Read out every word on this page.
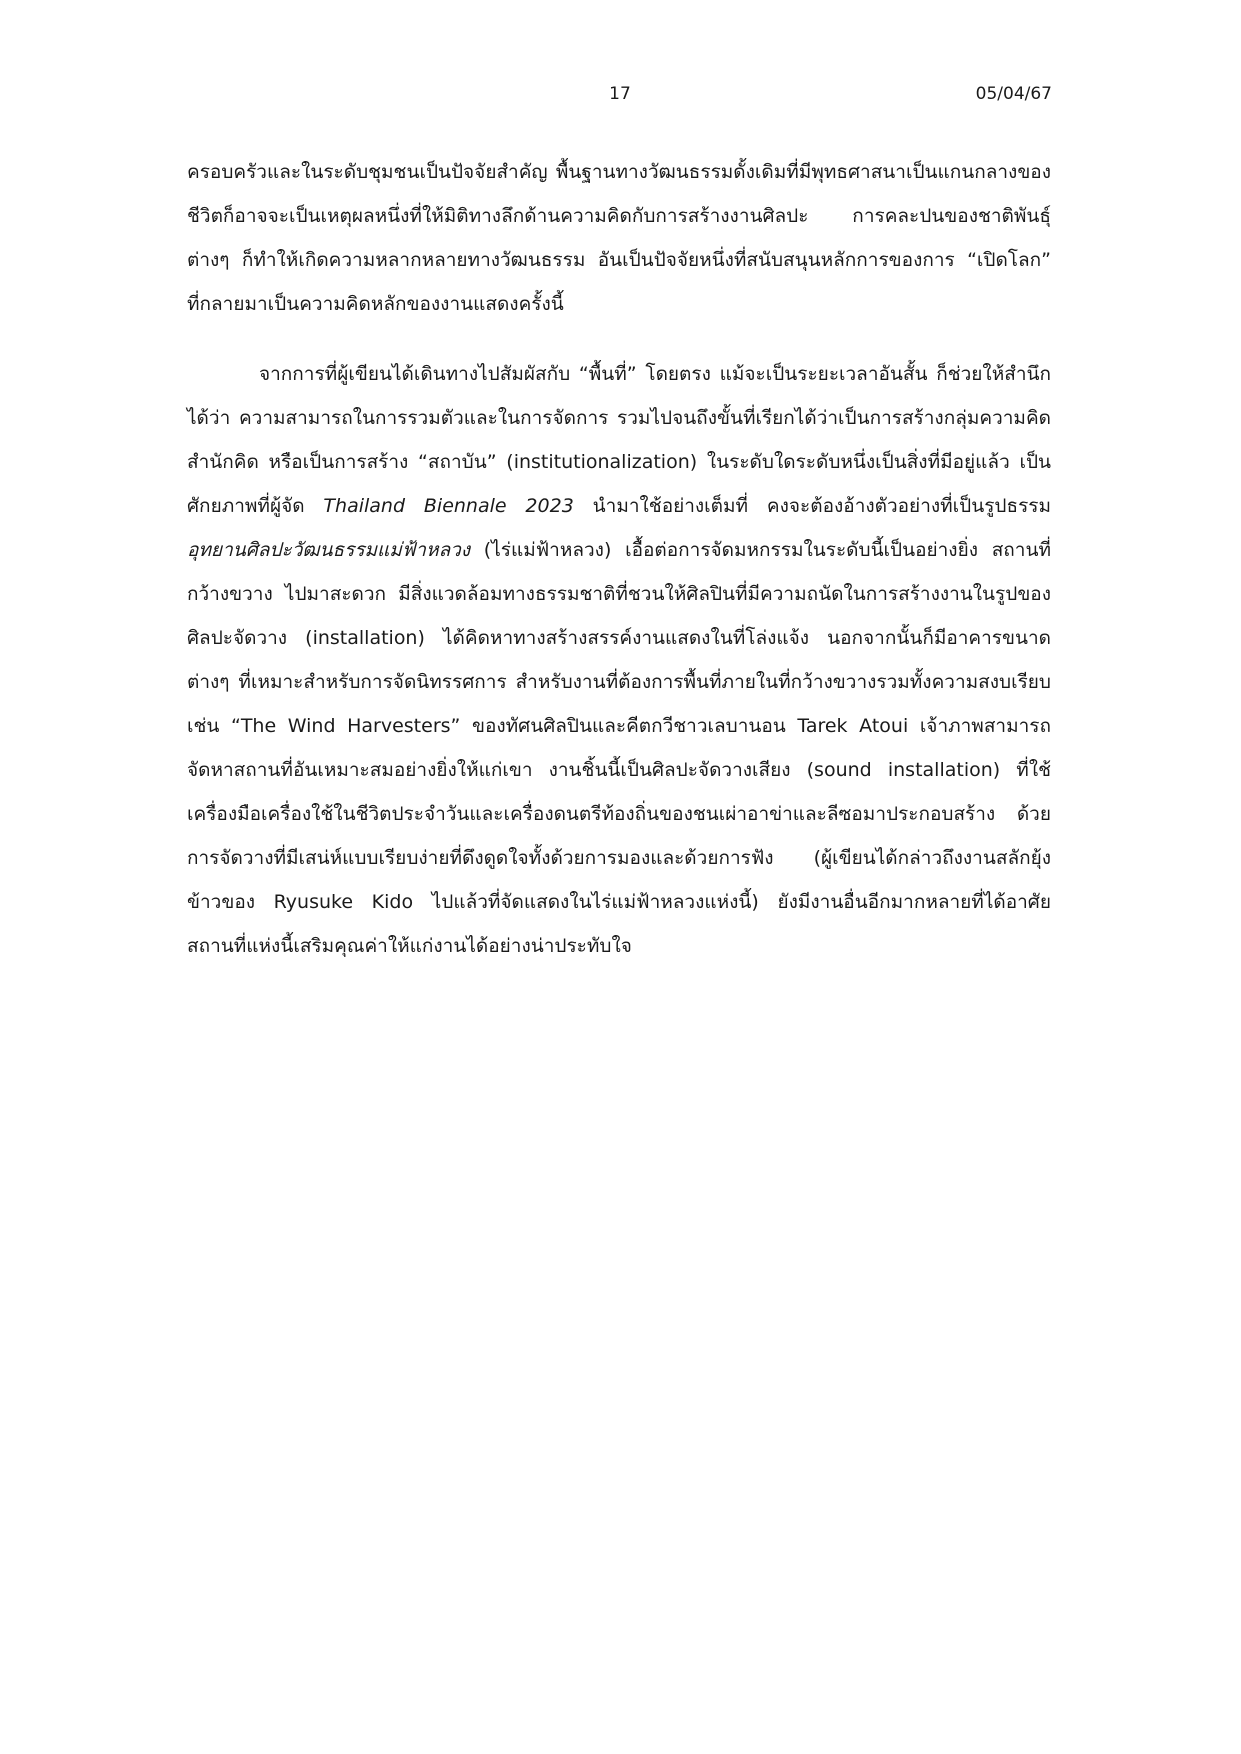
17	05/04/67

ครอบครัวและในระดับชุมชนเป็นปัจจัยสำคัญ พื้นฐานทางวัฒนธรรมดั้งเดิมที่มีพุทธศาสนาเป็นแกนกลางของชีวิตก็อาจจะเป็นเหตุผลหนึ่งที่ให้มิติทางลึกด้านความคิดกับการสร้างงานศิลปะ การคละปนของชาติพันธุ์ต่างๆ ก็ทำให้เกิดความหลากหลายทางวัฒนธรรม อันเป็นปัจจัยหนึ่งที่สนับสนุนหลักการของการ “เปิดโลก” ที่กลายมาเป็นความคิดหลักของงานแสดงครั้งนี้

จากการที่ผู้เขียนได้เดินทางไปสัมผัสกับ “พื้นที่” โดยตรง แม้จะเป็นระยะเวลาอันสั้น ก็ช่วยให้สำนึกได้ว่า ความสามารถในการรวมตัวและในการจัดการ รวมไปจนถึงขั้นที่เรียกได้ว่าเป็นการสร้างกลุ่มความคิด สำนักคิด หรือเป็นการสร้าง “สถาบัน” (institutionalization) ในระดับใดระดับหนึ่งเป็นสิ่งที่มีอยู่แล้ว เป็นศักยภาพที่ผู้จัด Thailand Biennale 2023 นำมาใช้อย่างเต็มที่ คงจะต้องอ้างตัวอย่างที่เป็นรูปธรรม อุทยานศิลปะวัฒนธรรมแม่ฟ้าหลวง (ไร่แม่ฟ้าหลวง) เอื้อต่อการจัดมหกรรมในระดับนี้เป็นอย่างยิ่ง สถานที่กว้างขวาง ไปมาสะดวก มีสิ่งแวดล้อมทางธรรมชาติที่ชวนให้ศิลปินที่มีความถนัดในการสร้างงานในรูปของศิลปะจัดวาง (installation) ได้คิดหาทางสร้างสรรค์งานแสดงในที่โล่งแจ้ง นอกจากนั้นก็มีอาคารขนาดต่างๆ ที่เหมาะสำหรับการจัดนิทรรศการ สำหรับงานที่ต้องการพื้นที่ภายในที่กว้างขวางรวมทั้งความสงบเรียบ เช่น “The Wind Harvesters” ของทัศนศิลปินและคีตกวีชาวเลบานอน Tarek Atoui เจ้าภาพสามารถจัดหาสถานที่อันเหมาะสมอย่างยิ่งให้แก่เขา งานชิ้นนี้เป็นศิลปะจัดวางเสียง (sound installation) ที่ใช้เครื่องมือเครื่องใช้ในชีวิตประจำวันและเครื่องดนตรีท้องถิ่นของชนเผ่าอาข่าและลีซอมาประกอบสร้าง ด้วยการจัดวางที่มีเสน่ห์แบบเรียบง่ายที่ดึงดูดใจทั้งด้วยการมองและด้วยการฟัง (ผู้เขียนได้กล่าวถึงงานสลักยุ้งข้าวของ Ryusuke Kido ไปแล้วที่จัดแสดงในไร่แม่ฟ้าหลวงแห่งนี้) ยังมีงานอื่นอีกมากหลายที่ได้อาศัยสถานที่แห่งนี้เสริมคุณค่าให้แก่งานได้อย่างน่าประทับใจ
